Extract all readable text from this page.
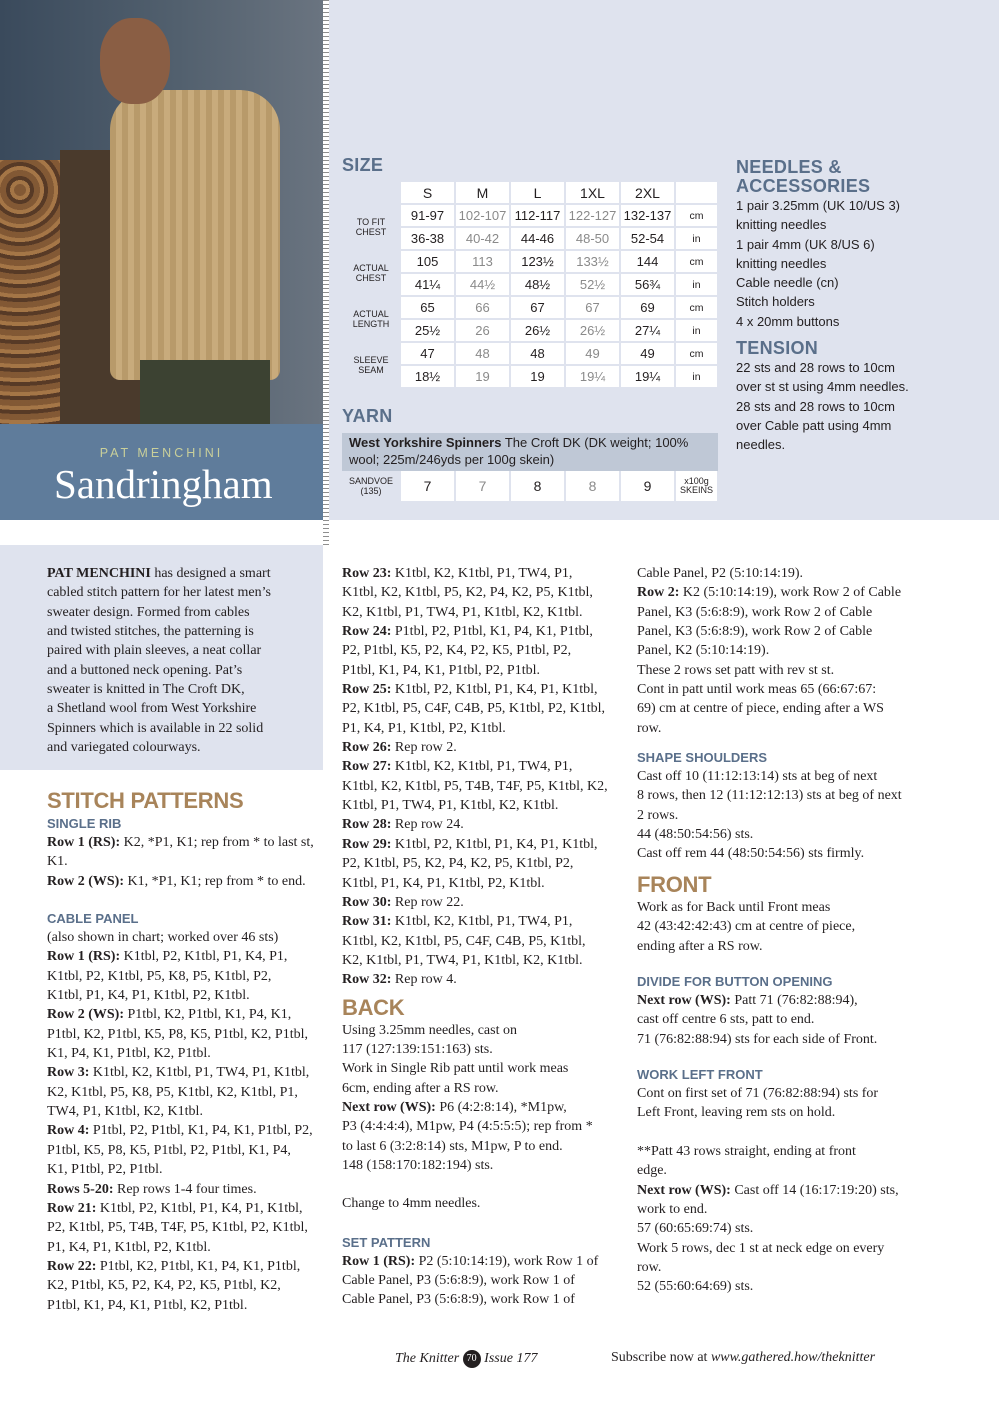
PAT MENCHINI
Sandringham
SIZE
	S	M	L	1XL	2XL	
TO FIT CHEST	91-97	102-107	112-117	122-127	132-137	cm
	36-38	40-42	44-46	48-50	52-54	in
ACTUAL CHEST	105	113	123½	133½	144	cm
	41¼	44½	48½	52½	56¾	in
ACTUAL LENGTH	65	66	67	67	69	cm
	25½	26	26½	26½	27¼	in
SLEEVE SEAM	47	48	48	49	49	cm
	18½	19	19	19¼	19¼	in
YARN
West Yorkshire Spinners The Croft DK (DK weight; 100% wool; 225m/246yds per 100g skein)
SANDVOE (135)	7	7	8	8	9	x100g SKEINS
NEEDLES & ACCESSORIES
1 pair 3.25mm (UK 10/US 3)
knitting needles
1 pair 4mm (UK 8/US 6)
knitting needles
Cable needle (cn)
Stitch holders
4 x 20mm buttons
TENSION
22 sts and 28 rows to 10cm
over st st using 4mm needles.
28 sts and 28 rows to 10cm
over Cable patt using 4mm
needles.
PAT MENCHINI has designed a smart
cabled stitch pattern for her latest men’s
sweater design. Formed from cables
and twisted stitches, the patterning is
paired with plain sleeves, a neat collar
and a buttoned neck opening. Pat’s
sweater is knitted in The Croft DK,
a Shetland wool from West Yorkshire
Spinners which is available in 22 solid
and variegated colourways.
STITCH PATTERNS
SINGLE RIB
Row 1 (RS): K2, *P1, K1; rep from * to last st,
K1.
Row 2 (WS): K1, *P1, K1; rep from * to end.
CABLE PANEL
(also shown in chart; worked over 46 sts)
Row 1 (RS): K1tbl, P2, K1tbl, P1, K4, P1,
K1tbl, P2, K1tbl, P5, K8, P5, K1tbl, P2,
K1tbl, P1, K4, P1, K1tbl, P2, K1tbl.
Row 2 (WS): P1tbl, K2, P1tbl, K1, P4, K1,
P1tbl, K2, P1tbl, K5, P8, K5, P1tbl, K2, P1tbl,
K1, P4, K1, P1tbl, K2, P1tbl.
Row 3: K1tbl, K2, K1tbl, P1, TW4, P1, K1tbl,
K2, K1tbl, P5, K8, P5, K1tbl, K2, K1tbl, P1,
TW4, P1, K1tbl, K2, K1tbl.
Row 4: P1tbl, P2, P1tbl, K1, P4, K1, P1tbl, P2,
P1tbl, K5, P8, K5, P1tbl, P2, P1tbl, K1, P4,
K1, P1tbl, P2, P1tbl.
Rows 5-20: Rep rows 1-4 four times.
Row 21: K1tbl, P2, K1tbl, P1, K4, P1, K1tbl,
P2, K1tbl, P5, T4B, T4F, P5, K1tbl, P2, K1tbl,
P1, K4, P1, K1tbl, P2, K1tbl.
Row 22: P1tbl, K2, P1tbl, K1, P4, K1, P1tbl,
K2, P1tbl, K5, P2, K4, P2, K5, P1tbl, K2,
P1tbl, K1, P4, K1, P1tbl, K2, P1tbl.
Row 23: K1tbl, K2, K1tbl, P1, TW4, P1,
K1tbl, K2, K1tbl, P5, K2, P4, K2, P5, K1tbl,
K2, K1tbl, P1, TW4, P1, K1tbl, K2, K1tbl.
Row 24: P1tbl, P2, P1tbl, K1, P4, K1, P1tbl,
P2, P1tbl, K5, P2, K4, P2, K5, P1tbl, P2,
P1tbl, K1, P4, K1, P1tbl, P2, P1tbl.
Row 25: K1tbl, P2, K1tbl, P1, K4, P1, K1tbl,
P2, K1tbl, P5, C4F, C4B, P5, K1tbl, P2, K1tbl,
P1, K4, P1, K1tbl, P2, K1tbl.
Row 26: Rep row 2.
Row 27: K1tbl, K2, K1tbl, P1, TW4, P1,
K1tbl, K2, K1tbl, P5, T4B, T4F, P5, K1tbl, K2,
K1tbl, P1, TW4, P1, K1tbl, K2, K1tbl.
Row 28: Rep row 24.
Row 29: K1tbl, P2, K1tbl, P1, K4, P1, K1tbl,
P2, K1tbl, P5, K2, P4, K2, P5, K1tbl, P2,
K1tbl, P1, K4, P1, K1tbl, P2, K1tbl.
Row 30: Rep row 22.
Row 31: K1tbl, K2, K1tbl, P1, TW4, P1,
K1tbl, K2, K1tbl, P5, C4F, C4B, P5, K1tbl,
K2, K1tbl, P1, TW4, P1, K1tbl, K2, K1tbl.
Row 32: Rep row 4.
BACK
Using 3.25mm needles, cast on
117 (127:139:151:163) sts.
Work in Single Rib patt until work meas
6cm, ending after a RS row.
Next row (WS): P6 (4:2:8:14), *M1pw,
P3 (4:4:4:4), M1pw, P4 (4:5:5:5); rep from *
to last 6 (3:2:8:14) sts, M1pw, P to end.
148 (158:170:182:194) sts.
Change to 4mm needles.
SET PATTERN
Row 1 (RS): P2 (5:10:14:19), work Row 1 of
Cable Panel, P3 (5:6:8:9), work Row 1 of
Cable Panel, P3 (5:6:8:9), work Row 1 of
Cable Panel, P2 (5:10:14:19).
Row 2: K2 (5:10:14:19), work Row 2 of Cable
Panel, K3 (5:6:8:9), work Row 2 of Cable
Panel, K3 (5:6:8:9), work Row 2 of Cable
Panel, K2 (5:10:14:19).
These 2 rows set patt with rev st st.
Cont in patt until work meas 65 (66:67:67:
69) cm at centre of piece, ending after a WS
row.
SHAPE SHOULDERS
Cast off 10 (11:12:13:14) sts at beg of next
8 rows, then 12 (11:12:12:13) sts at beg of next
2 rows.
44 (48:50:54:56) sts.
Cast off rem 44 (48:50:54:56) sts firmly.
FRONT
Work as for Back until Front meas
42 (43:42:42:43) cm at centre of piece,
ending after a RS row.
DIVIDE FOR BUTTON OPENING
Next row (WS): Patt 71 (76:82:88:94),
cast off centre 6 sts, patt to end.
71 (76:82:88:94) sts for each side of Front.
WORK LEFT FRONT
Cont on first set of 71 (76:82:88:94) sts for
Left Front, leaving rem sts on hold.
**Patt 43 rows straight, ending at front
edge.
Next row (WS): Cast off 14 (16:17:19:20) sts,
work to end.
57 (60:65:69:74) sts.
Work 5 rows, dec 1 st at neck edge on every
row.
52 (55:60:64:69) sts.
The Knitter 70 Issue 177	Subscribe now at www.gathered.how/theknitter
